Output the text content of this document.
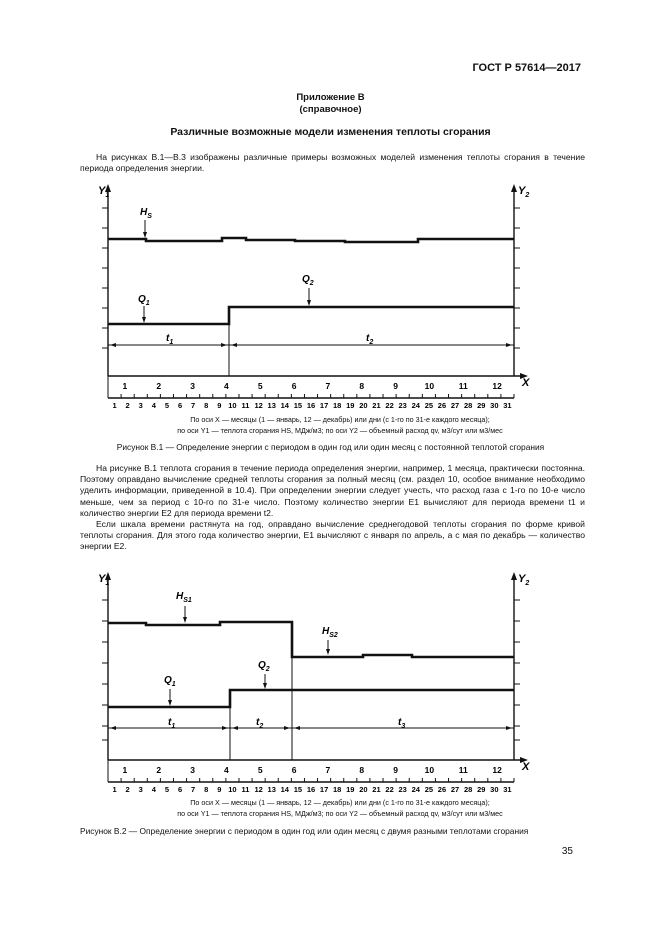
ГОСТ Р 57614—2017
Приложение В
(справочное)
Различные возможные модели изменения теплоты сгорания

На рисунках В.1—В.3 изображены различные примеры возможных моделей изменения теплоты сгорания в течение периода определения энергии.

$Y_1$	$Y_2$
X
$H_S$
$Q_2$
$Q_1$
$t_1$	$t_2$
1	2	3	4	5	6	7	8	9	10	11	12
1 2 3 4 5 6 7 8 9 10 11 12 13 14 15 16 17 18 19 20 21 22 23 24 25 26 27 28 29 30 31
По оси X — месяцы (1 — январь, 12 — декабрь) или дни (с 1-го по 31-е каждого месяца);
по оси Y1 — теплота сгорания HS, МДж/м3; по оси Y2 — объемный расход qv, м3/сут или м3/мес
Рисунок В.1 — Определение энергии с периодом в один год или один месяц с постоянной теплотой сгорания

На рисунке В.1 теплота сгорания в течение периода определения энергии, например, 1 месяца, практически постоянна. Поэтому оправдано вычисление средней теплоты сгорания за полный месяц (см. раздел 10, особое внимание необходимо уделить информации, приведенной в 10.4). При определении энергии следует учесть, что расход газа с 1-го по 10-е число меньше, чем за период с 10-го по 31-е число. Поэтому количество энергии E1 вычисляют для периода времени t1 и количество энергии E2 для периода времени t2.

Если шкала времени растянута на год, оправдано вычисление среднегодовой теплоты сгорания по форме кривой теплоты сгорания. Для этого года количество энергии, E1 вычисляют с января по апрель, а с мая по декабрь — количество энергии E2.

$Y_1$	$Y_2$
X
$H_{S1}$
$H_{S2}$
$Q_2$
$Q_1$
$t_1$	$t_2$	$t_3$
1	2	3	4	5	6	7	8	9	10	11	12
1 2 3 4 5 6 7 8 9 10 11 12 13 14 15 16 17 18 19 20 21 22 23 24 25 26 27 28 29 30 31
По оси X — месяцы (1 — январь, 12 — декабрь) или дни (с 1-го по 31-е каждого месяца);
по оси Y1 — теплота сгорания HS, МДж/м3; по оси Y2 — объемный расход qv, м3/сут или м3/мес
Рисунок В.2 — Определение энергии с периодом в один год или один месяц с двумя разными теплотами сгорания
35
